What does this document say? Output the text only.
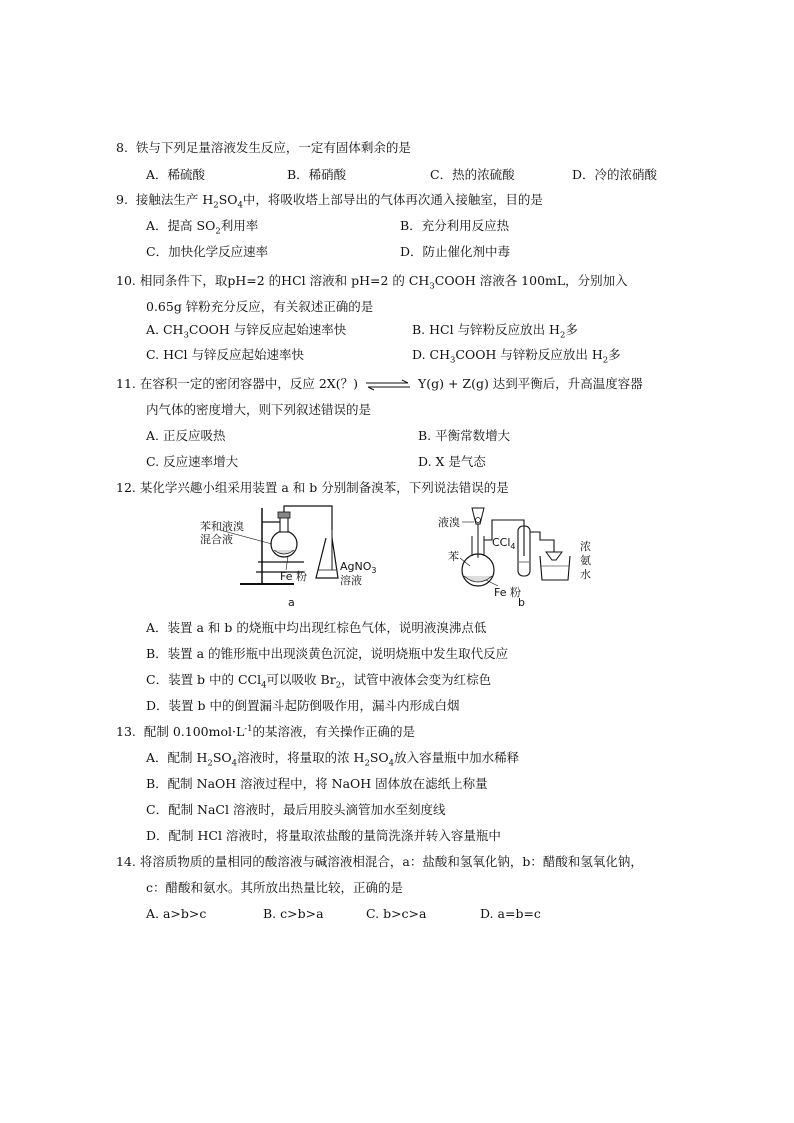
8. 铁与下列足量溶液发生反应，一定有固体剩余的是
A．稀硫酸	B．稀硝酸	C．热的浓硫酸	D．冷的浓硝酸
9. 接触法生产 $H_2SO_4$中，将吸收塔上部导出的气体再次通入接触室，目的是
A．提高 $SO_2$利用率	B．充分利用反应热
C．加快化学反应速率	D．防止催化剂中毒
10. 相同条件下，取pH=2 的HCl 溶液和 pH=2 的 $CH_3COOH$ 溶液各 100mL，分别加入
0.65g 锌粉充分反应，有关叙述正确的是
A. $CH_3COOH$ 与锌反应起始速率快	B. HCl 与锌粉反应放出 $H_2$多
C. HCl 与锌反应起始速率快	D. $CH_3COOH$ 与锌粉反应放出 $H_2$多
11. 在容积一定的密闭容器中，反应 2X(？) ⇌ Y(g) + Z(g) 达到平衡后，升高温度容器
内气体的密度增大，则下列叙述错误的是
A. 正反应吸热	B. 平衡常数增大
C. 反应速率增大	D. X 是气态
12. 某化学兴趣小组采用装置 a 和 b 分别制备溴苯，下列说法错误的是
苯和液溴
混合液
Fe 粉
AgNO$_3$
溶液
a
液溴
苯
CCl$_4$
Fe 粉
浓
氨
水
b
A．装置 a 和 b 的烧瓶中均出现红棕色气体，说明液溴沸点低
B．装置 a 的锥形瓶中出现淡黄色沉淀，说明烧瓶中发生取代反应
C．装置 b 中的 CCl$_4$可以吸收 $Br_2$，试管中液体会变为红棕色
D．装置 b 中的倒置漏斗起防倒吸作用，漏斗内形成白烟
13. 配制 $0.100mol\cdot L^{-1}$的某溶液，有关操作正确的是
A．配制 $H_2SO_4$溶液时，将量取的浓 $H_2SO_4$放入容量瓶中加水稀释
B．配制 NaOH 溶液过程中，将 NaOH 固体放在滤纸上称量
C．配制 NaCl 溶液时，最后用胶头滴管加水至刻度线
D．配制 HCl 溶液时，将量取浓盐酸的量筒洗涤并转入容量瓶中
14. 将溶质物质的量相同的酸溶液与碱溶液相混合，a：盐酸和氢氧化钠，b：醋酸和氢氧化钠，
c：醋酸和氨水。其所放出热量比较，正确的是
A. a>b>c	B. c>b>a	C. b>c>a	D. a=b=c
